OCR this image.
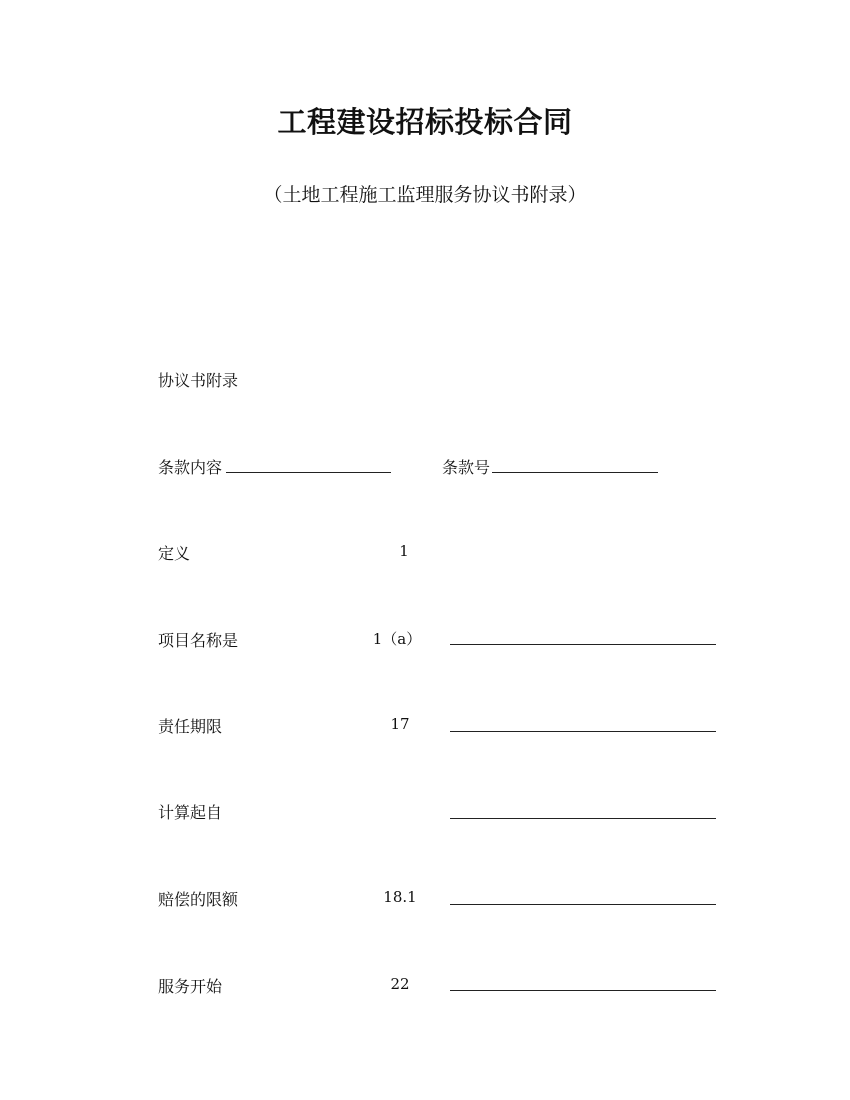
工程建设招标投标合同

（土地工程施工监理服务协议书附录）

协议书附录
条款内容	条款号
定义	1
项目名称是	1（a）
责任期限	17
计算起自
赔偿的限额	18.1
服务开始	22
